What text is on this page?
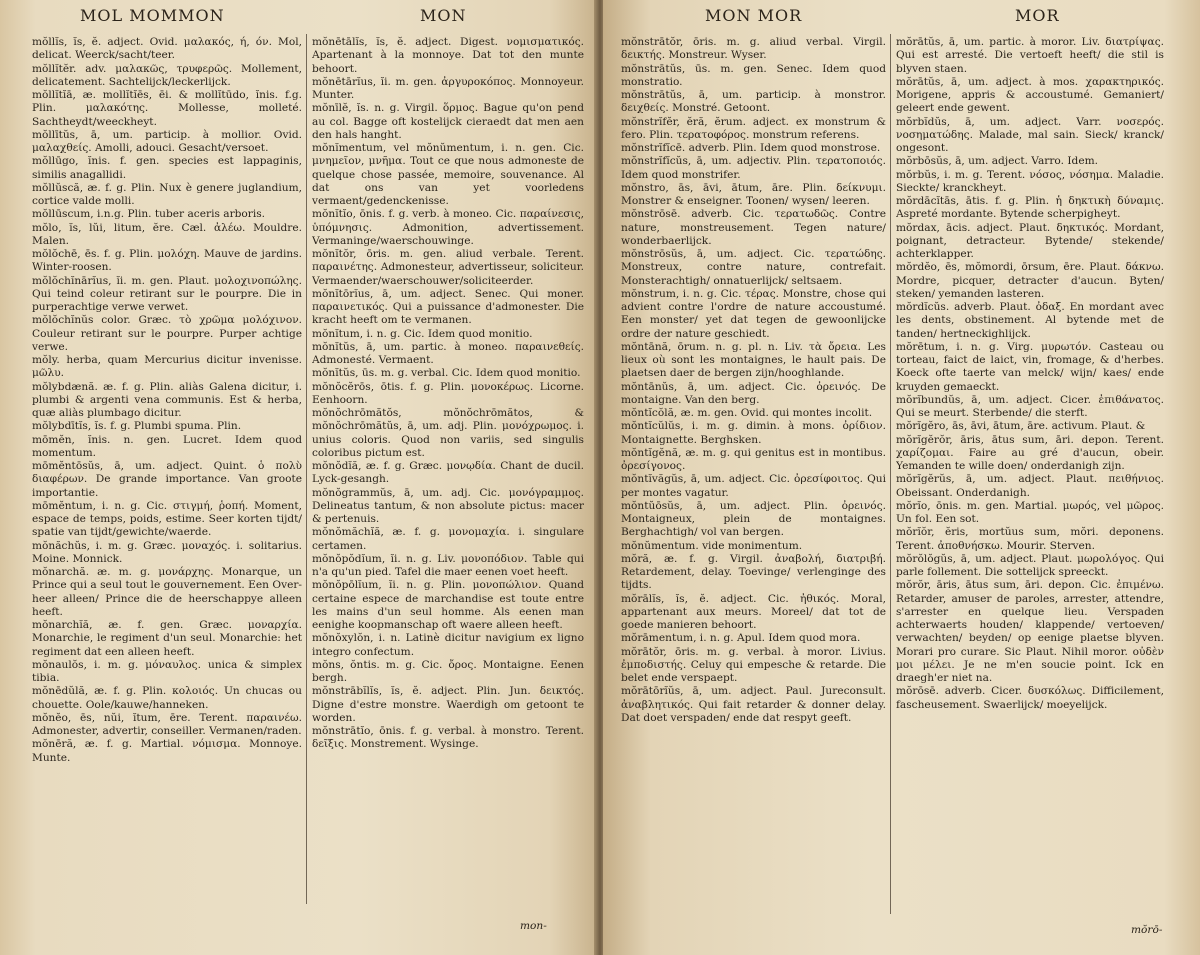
MOL MOMMON	MON

mŏllĭs, ĭs, ĕ. adject. Ovid. μαλακός, ή, όν. Mol, delicat. Weerck/sacht/teer.

mŏllĭtĕr. adv. μαλακῶς, τρυφερῶς. Mollement, delicatement. Sachtelijck/leckerlijck.

mŏllĭtĭā, æ. mollĭtĭēs, ēi. & mollĭtūdo, ĭnis. f.g. Plin. μαλακότης. Mollesse, molleté. Sachtheydt/weeckheyt.

mŏllītŭs, ā, um. particip. à mollior. Ovid. μαλαχθείς. Amolli, adouci. Gesacht/versoet.

mŏllūgo, ĭnis. f. gen. species est lappaginis, similis anagallidi.

mŏllŭscă, æ. f. g. Plin. Nux è genere juglandium, cortice valde molli.

mŏllūscum, i.n.g. Plin. tuber aceris arboris.

mŏlo, ĭs, lŭi, litum, ĕre. Cæl. ἀλέω. Mouldre. Malen.

mŏlŏchē, ēs. f. g. Plin. μολόχη. Mauve de jardins. Winter-roosen.

mŏlŏchĭnārĭus, ĭi. m. gen. Plaut. μολοχινοπώλης. Qui teind coleur retirant sur le pourpre. Die in purperachtige verwe verwet.

mŏlŏchĭnŭs color. Græc. τὸ χρῶμα μολόχινον. Couleur retirant sur le pourpre. Purper achtige verwe.

mŏly. herba, quam Mercurius dicitur invenisse. μῶλυ.

mŏlybdænă. æ. f. g. Plin. aliàs Galena dicitur, i. plumbi & argenti vena communis. Est & herba, quæ aliàs plumbago dicitur.

mŏlybdītĭs, ĭs. f. g. Plumbi spuma. Plin.

mōmĕn, ĭnis. n. gen. Lucret. Idem quod momentum.

mōmĕntōsŭs, ā, um. adject. Quint. ὁ πολὺ διαφέρων. De grande importance. Van groote importantie.

mōmĕntum, i. n. g. Cic. στιγμή, ῥοπή. Moment, espace de temps, poids, estime. Seer korten tijdt/ spatie van tijdt/gewichte/waerde.

mŏnăchŭs, i. m. g. Græc. μοναχός. i. solitarius. Moine. Monnick.

mŏnarchă. æ. m. g. μονάρχης. Monarque, un Prince qui a seul tout le gouvernement. Een Over-heer alleen/ Prince die de heerschappye alleen heeft.

mŏnarchĭă, æ. f. gen. Græc. μοναρχία. Monarchie, le regiment d'un seul. Monarchie: het regiment dat een alleen heeft.

mŏnaulŏs, i. m. g. μόναυλος. unica & simplex tibia.

mŏnēdŭlă, æ. f. g. Plin. κολοιός. Un chucas ou chouette. Oole/kauwe/hanneken.

mŏnĕo, ēs, nŭi, ĭtum, ēre. Terent. παραινέω. Admonester, advertir, conseiller. Vermanen/raden.

mŏnēră, æ. f. g. Martial. νόμισμα. Monnoye. Munte.

mŏnētālĭs, ĭs, ĕ. adject. Digest. νομισματικός. Apartenant à la monnoye. Dat tot den munte behoort.

mŏnētārĭus, ĭi. m. gen. ἀργυροκόπος. Monnoyeur. Munter.

mŏnīlĕ, ĭs. n. g. Virgil. ὅρμος. Bague qu'on pend au col. Bagge oft kostelijck cieraedt dat men aen den hals hanght.

mŏnĭmentum, vel mŏnŭmentum, i. n. gen. Cic. μνημεῖον, μνῆμα. Tout ce que nous admoneste de quelque chose passée, memoire, souvenance. Al dat ons van yet voorledens vermaent/gedenckenisse.

mŏnĭtĭo, ōnis. f. g. verb. à moneo. Cic. παραίνεσις, ὑπόμνησις. Admonition, advertissement. Vermaninge/waerschouwinge.

mŏnĭtŏr, ōris. m. gen. aliud verbale. Terent. παραινέτης. Admonesteur, advertisseur, soliciteur. Vermaender/waerschouwer/soliciteerder.

mŏnĭtōrĭus, ā, um. adject. Senec. Qui moner. παραινετικός. Qui a puissance d'admonester. Die kracht heeft om te vermanen.

mŏnĭtum, i. n. g. Cic. Idem quod monitio.

mŏnĭtŭs, ā, um. partic. à moneo. παραινεθείς. Admonesté. Vermaent.

mŏnĭtŭs, ūs. m. g. verbal. Cic. Idem quod monitio.

mŏnŏcĕrōs, ōtis. f. g. Plin. μονοκέρως. Licorne. Eenhoorn.

mŏnŏchrōmătŏs, mŏnŏchrōmătos, & mŏnŏchrōmătŭs, ā, um. adj. Plin. μονόχρωμος. i. unius coloris. Quod non variis, sed singulis coloribus pictum est.

mŏnŏdĭă, æ. f. g. Græc. μονῳδία. Chant de ducil. Lyck-gesangh.

mŏnŏgrammŭs, ā, um. adj. Cic. μονόγραμμος. Delineatus tantum, & non absolute pictus: macer & pertenuis.

mŏnŏmăchĭă, æ. f. g. μονομαχία. i. singulare certamen.

mŏnŏpŏdĭum, ĭi. n. g. Liv. μονοπόδιον. Table qui n'a qu'un pied. Tafel die maer eenen voet heeft.

mŏnŏpōlĭum, ĭi. n. g. Plin. μονοπώλιον. Quand certaine espece de marchandise est toute entre les mains d'un seul homme. Als eenen man eenighe koopmanschap oft waere alleen heeft.

mŏnŏxylŏn, i. n. Latinè dicitur navigium ex ligno integro confectum.

mŏns, ŏntis. m. g. Cic. ὄρος. Montaigne. Eenen bergh.

mŏnstrābĭlĭs, ĭs, ĕ. adject. Plin. Jun. δεικτός. Digne d'estre monstre. Waerdigh om getoont te worden.

mŏnstrātĭo, ōnis. f. g. verbal. à monstro. Terent. δεῖξις. Monstrement. Wysinge.

mon-
MON MOR	MOR

mŏnstrātŏr, ōris. m. g. aliud verbal. Virgil. δεικτής. Monstreur. Wyser.

mŏnstrātŭs, ūs. m. gen. Senec. Idem quod monstratio.

mŏnstrātŭs, ā, um. particip. à monstror. δειχθείς. Monstré. Getoont.

mŏnstrĭfĕr, ĕră, ĕrum. adject. ex monstrum & fero. Plin. τερατοφόρος. monstrum referens.

mŏnstrĭfĭcē. adverb. Plin. Idem quod monstrose.

mŏnstrĭfĭcŭs, ā, um. adjectiv. Plin. τερατοποιός. Idem quod monstrifer.

mŏnstro, ās, āvi, ātum, āre. Plin. δείκνυμι. Monstrer & enseigner. Toonen/ wysen/ leeren.

mŏnstrōsē. adverb. Cic. τερατωδῶς. Contre nature, monstreusement. Tegen nature/ wonderbaerlijck.

mŏnstrōsŭs, ā, um. adject. Cic. τερατώδης. Monstreux, contre nature, contrefait. Monsterachtigh/ onnatuerlijck/ seltsaem.

mŏnstrum, i. n. g. Cic. τέρας. Monstre, chose qui advient contre l'ordre de nature accoustumé. Een monster/ yet dat tegen de gewoonlijcke ordre der nature geschiedt.

mŏntānă, ōrum. n. g. pl. n. Liv. τὰ ὄρεια. Les lieux où sont les montaignes, le hault pais. De plaetsen daer de bergen zijn/hooghlande.

mŏntānŭs, ā, um. adject. Cic. ὀρεινός. De montaigne. Van den berg.

mŏntĭcŏlă, æ. m. gen. Ovid. qui montes incolit.

mŏntĭcŭlŭs, i. m. g. dimin. à mons. ὀρίδιον. Montaignette. Berghsken.

mŏntĭgĕnă, æ. m. g. qui genitus est in montibus. ὀρεσίγονος.

mŏntĭvăgŭs, ā, um. adject. Cic. ὀρεσίφοιτος. Qui per montes vagatur.

mŏntŭōsŭs, ā, um. adject. Plin. ὀρεινός. Montaigneux, plein de montaignes. Berghachtigh/ vol van bergen.

mŏnŭmentum. vide monimentum.

mŏră, æ. f. g. Virgil. ἀναβολή, διατριβή. Retardement, delay. Toevinge/ verlenginge des tijdts.

mŏrālĭs, ĭs, ĕ. adject. Cic. ἠθικός. Moral, appartenant aux meurs. Moreel/ dat tot de goede manieren behoort.

mŏrāmentum, i. n. g. Apul. Idem quod mora.

mŏrātŏr, ōris. m. g. verbal. à moror. Livius. ἐμποδιστής. Celuy qui empesche & retarde. Die belet ende verspaept.

mŏrātōrĭŭs, ā, um. adject. Paul. Jureconsult. ἀναβλητικός. Qui fait retarder & donner delay. Dat doet verspaden/ ende dat respyt geeft.

mŏrātŭs, ā, um. partic. à moror. Liv. διατρίψας. Qui est arresté. Die vertoeft heeft/ die stil is blyven staen.

mŏrātŭs, ā, um. adject. à mos. χαρακτηρικός. Morigene, appris & accoustumé. Gemaniert/ geleert ende gewent.

mŏrbĭdŭs, ā, um. adject. Varr. νοσερός. νοσηματώδης. Malade, mal sain. Sieck/ kranck/ ongesont.

mŏrbōsŭs, ā, um. adject. Varro. Idem.

mŏrbŭs, i. m. g. Terent. νόσος, νόσημα. Maladie. Sieckte/ kranckheyt.

mŏrdācĭtās, ātis. f. g. Plin. ἡ δηκτικὴ δύναμις. Aspreté mordante. Bytende scherpigheyt.

mŏrdax, ācis. adject. Plaut. δηκτικός. Mordant, poignant, detracteur. Bytende/ stekende/ achterklapper.

mŏrdĕo, ēs, mŏmordi, ōrsum, ēre. Plaut. δάκνω. Mordre, picquer, detracter d'aucun. Byten/ steken/ yemanden lasteren.

mŏrdĭcŭs. adverb. Plaut. ὀδαξ. En mordant avec les dents, obstinement. Al bytende met de tanden/ hertneckighlijck.

mŏrētum, i. n. g. Virg. μυρωτόν. Casteau ou torteau, faict de laict, vin, fromage, & d'herbes. Koeck ofte taerte van melck/ wijn/ kaes/ ende kruyden gemaeckt.

mŏrĭbundŭs, ā, um. adject. Cicer. ἐπιθάνατος. Qui se meurt. Sterbende/ die sterft.

mŏrĭgĕro, ās, āvi, ātum, āre. activum. Plaut. &

mŏrĭgĕrŏr, āris, ātus sum, āri. depon. Terent. χαρίζομαι. Faire au gré d'aucun, obeir. Yemanden te wille doen/ onderdanigh zijn.

mŏrĭgĕrŭs, ā, um. adject. Plaut. πειθήνιος. Obeissant. Onderdanigh.

mŏrĭo, ōnis. m. gen. Martial. μωρός, vel μῶρος. Un fol. Een sot.

mŏrĭŏr, ĕris, mortŭus sum, mŏri. deponens. Terent. ἀποθνήσκω. Mourir. Sterven.

mŏrŏlŏgŭs, ā, um. adject. Plaut. μωρολόγος. Qui parle follement. Die sottelijck spreeckt.

mŏrŏr, āris, ātus sum, āri. depon. Cic. ἐπιμένω. Retarder, amuser de paroles, arrester, attendre, s'arrester en quelque lieu. Verspaden achterwaerts houden/ klappende/ vertoeven/ verwachten/ beyden/ op eenige plaetse blyven. Morari pro curare. Sic Plaut. Nihil moror. οὐδὲν μοι μέλει. Je ne m'en soucie point. Ick en draegh'er niet na.

mŏrōsē. adverb. Cicer. δυσκόλως. Difficilement, fascheusement. Swaerlijck/ moeyelijck.

mŏrō-
